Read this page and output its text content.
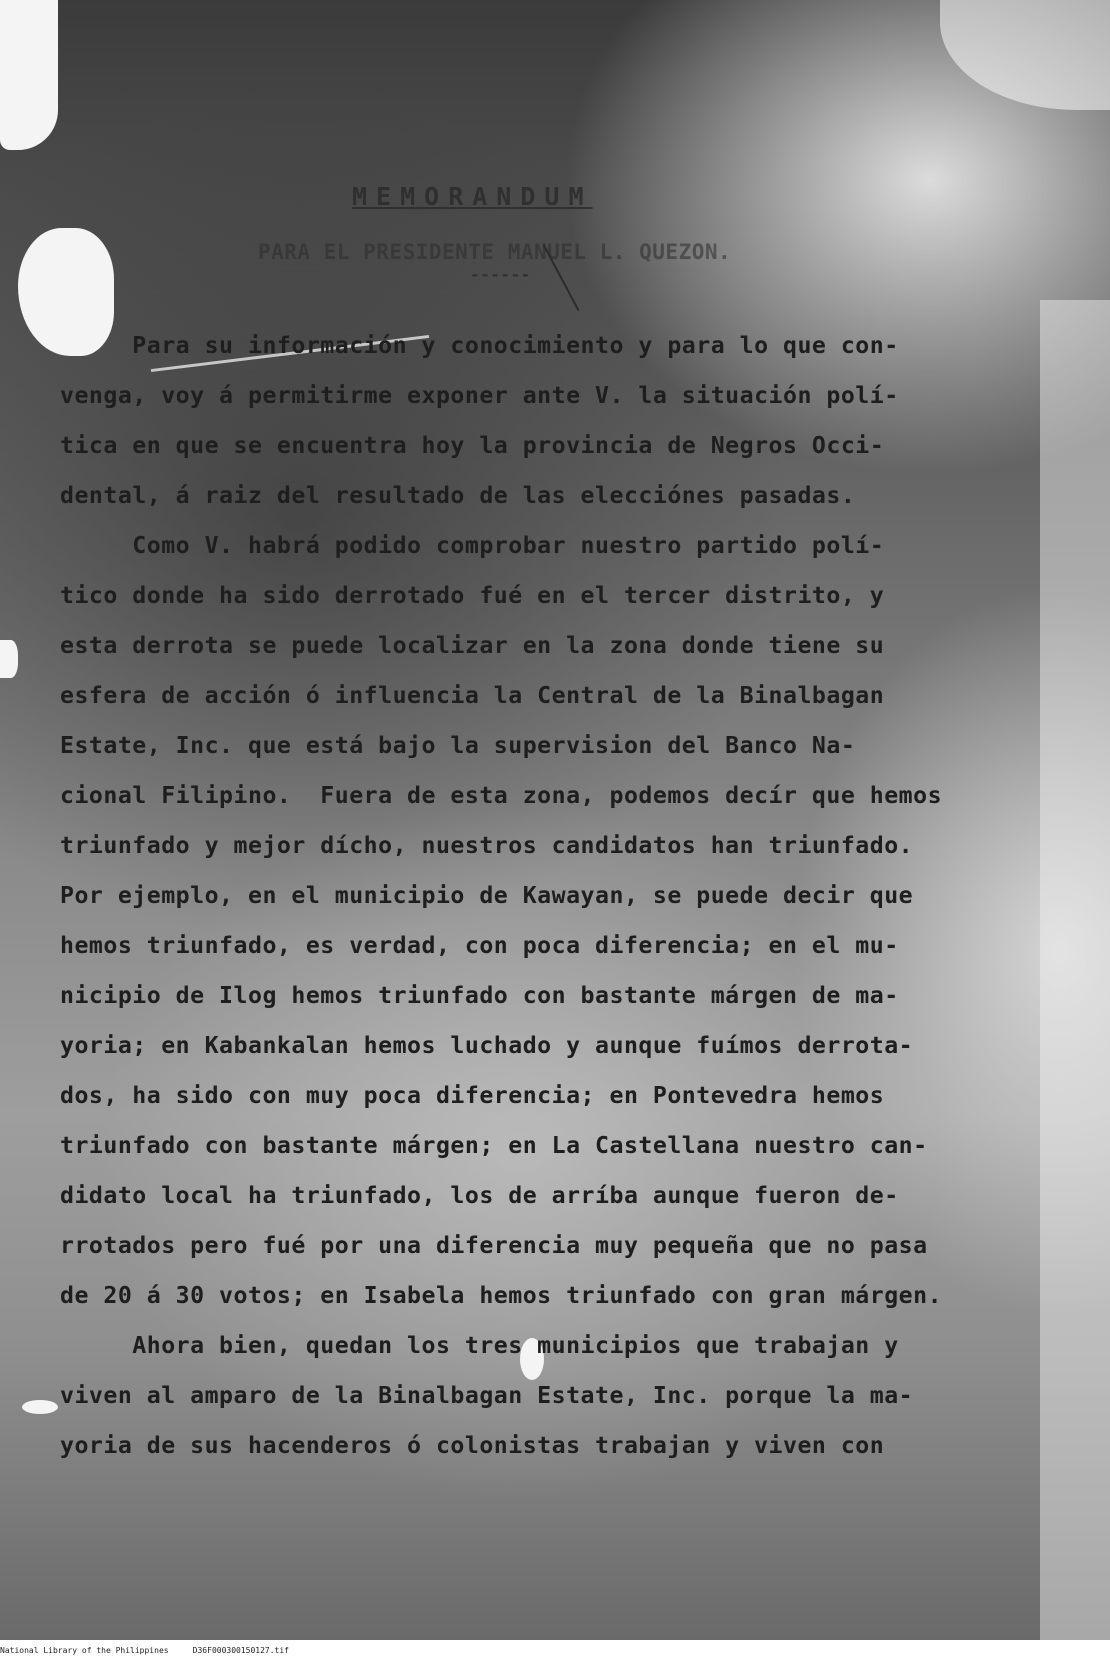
MEMORANDUM
PARA EL PRESIDENTE MANUEL L. QUEZON.
------
Para su información y conocimiento y para lo que con-
venga, voy á permitirme exponer ante V. la situación polí-
tica en que se encuentra hoy la provincia de Negros Occi-
dental, á raiz del resultado de las elecciónes pasadas.
Como V. habrá podido comprobar nuestro partido polí-
tico donde ha sido derrotado fué en el tercer distrito, y
esta derrota se puede localizar en la zona donde tiene su
esfera de acción ó influencia la Central de la Binalbagan
Estate, Inc. que está bajo la supervision del Banco Na-
cional Filipino.  Fuera de esta zona, podemos decír que hemos
triunfado y mejor dícho, nuestros candidatos han triunfado.
Por ejemplo, en el municipio de Kawayan, se puede decir que
hemos triunfado, es verdad, con poca diferencia; en el mu-
nicipio de Ilog hemos triunfado con bastante márgen de ma-
yoria; en Kabankalan hemos luchado y aunque fuímos derrota-
dos, ha sido con muy poca diferencia; en Pontevedra hemos
triunfado con bastante márgen; en La Castellana nuestro can-
didato local ha triunfado, los de arríba aunque fueron de-
rrotados pero fué por una diferencia muy pequeña que no pasa
de 20 á 30 votos; en Isabela hemos triunfado con gran márgen.
Ahora bien, quedan los tres municipios que trabajan y
viven al amparo de la Binalbagan Estate, Inc. porque la ma-
yoria de sus hacenderos ó colonistas trabajan y viven con
National Library of the Philippines	D36F000300150127.tif
